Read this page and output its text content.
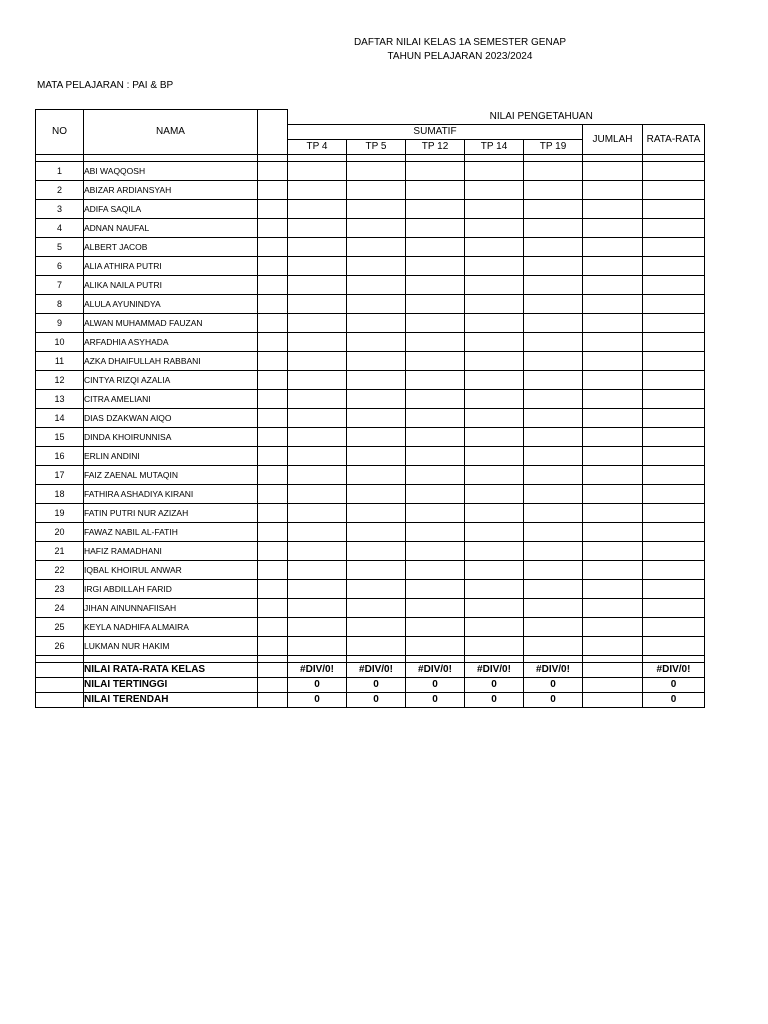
DAFTAR NILAI KELAS 1A SEMESTER GENAP
TAHUN PELAJARAN 2023/2024
MATA PELAJARAN : PAI & BP
NO	NAMA		NILAI PENGETAHUAN						
			SUMATIF					JUMLAH	RATA-RATA
			TP 4	TP 5	TP 12	TP 14	TP 19		

1	ABI WAQQOSH								
2	ABIZAR ARDIANSYAH								
3	ADIFA SAQILA								
4	ADNAN NAUFAL								
5	ALBERT JACOB								
6	ALIA ATHIRA PUTRI								
7	ALIKA NAILA PUTRI								
8	ALULA AYUNINDYA								
9	ALWAN MUHAMMAD FAUZAN								
10	ARFADHIA ASYHADA								
11	AZKA DHAIFULLAH RABBANI								
12	CINTYA RIZQI AZALIA								
13	CITRA AMELIANI								
14	DIAS DZAKWAN AIQO								
15	DINDA KHOIRUNNISA								
16	ERLIN ANDINI								
17	FAIZ ZAENAL MUTAQIN								
18	FATHIRA ASHADIYA KIRANI								
19	FATIN PUTRI NUR AZIZAH								
20	FAWAZ NABIL AL-FATIH								
21	HAFIZ RAMADHANI								
22	IQBAL KHOIRUL ANWAR								
23	IRGI ABDILLAH FARID								
24	JIHAN AINUNNAFIISAH								
25	KEYLA NADHIFA ALMAIRA								
26	LUKMAN NUR HAKIM								

	NILAI RATA-RATA KELAS		#DIV/0!	#DIV/0!	#DIV/0!	#DIV/0!	#DIV/0!		#DIV/0!
	NILAI TERTINGGI		0	0	0	0	0		0
	NILAI TERENDAH		0	0	0	0	0		0
